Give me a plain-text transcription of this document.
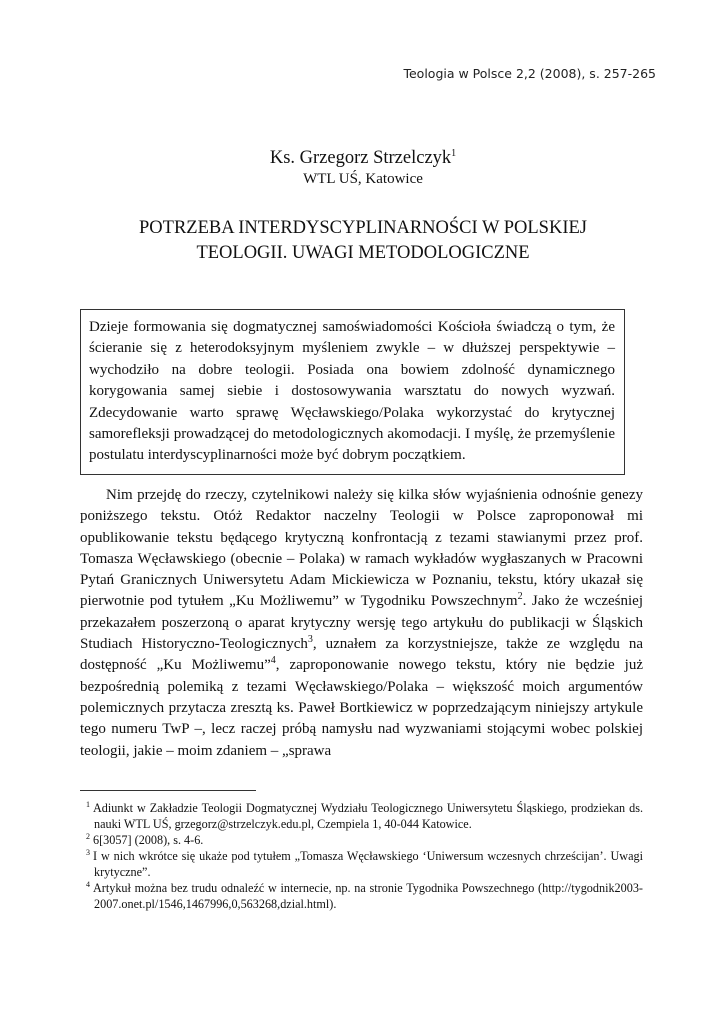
Teologia w Polsce 2,2 (2008), s. 257-265
Ks. Grzegorz Strzelczyk$^1$
WTL UŚ, Katowice
POTRZEBA INTERDYSCYPLINARNOŚCI W POLSKIEJ
TEOLOGII. UWAGI METODOLOGICZNE
Dzieje formowania się dogmatycznej samoświadomości Kościoła świadczą o tym, że ścieranie się z heterodoksyjnym myśleniem zwykle – w dłuższej perspektywie – wychodziło na dobre teologii. Posiada ona bowiem zdolność dynamicznego korygowania samej siebie i dostosowywania warsztatu do nowych wyzwań. Zdecydowanie warto sprawę Węcławskiego/Polaka wykorzystać do krytycznej samorefleksji prowadzącej do metodologicznych akomodacji. I myślę, że przemyślenie postulatu interdyscyplinarności może być dobrym początkiem.

Nim przejdę do rzeczy, czytelnikowi należy się kilka słów wyjaśnienia odnośnie genezy poniższego tekstu. Otóż Redaktor naczelny Teologii w Polsce zaproponował mi opublikowanie tekstu będącego krytyczną konfrontacją z tezami stawianymi przez prof. Tomasza Węcławskiego (obecnie – Polaka) w ramach wykładów wygłaszanych w Pracowni Pytań Granicznych Uniwersytetu Adam Mickiewicza w Poznaniu, tekstu, który ukazał się pierwotnie pod tytułem „Ku Możliwemu” w Tygodniku Powszechnym$^2$. Jako że wcześniej przekazałem poszerzoną o aparat krytyczny wersję tego artykułu do publikacji w Śląskich Studiach Historyczno-Teologicznych$^3$, uznałem za korzystniejsze, także ze względu na dostępność „Ku Możliwemu”$^4$, zaproponowanie nowego tekstu, który nie będzie już bezpośrednią polemiką z tezami Węcławskiego/Polaka – większość moich argumentów polemicznych przytacza zresztą ks. Paweł Bortkiewicz w poprzedzającym niniejszy artykule tego numeru TwP –, lecz raczej próbą namysłu nad wyzwaniami stojącymi wobec polskiej teologii, jakie – moim zdaniem – „sprawa

$^1$ Adiunkt w Zakładzie Teologii Dogmatycznej Wydziału Teologicznego Uniwersytetu Śląskiego, prodziekan ds. nauki WTL UŚ, grzegorz@strzelczyk.edu.pl, Czempiela 1, 40-044 Katowice.

$^2$ 6[3057] (2008), s. 4-6.

$^3$ I w nich wkrótce się ukaże pod tytułem „Tomasza Węcławskiego ‘Uniwersum wczesnych chrześcijan’. Uwagi krytyczne”.

$^4$ Artykuł można bez trudu odnaleźć w internecie, np. na stronie Tygodnika Powszechnego (http://tygodnik2003-2007.onet.pl/1546,1467996,0,563268,dzial.html).
